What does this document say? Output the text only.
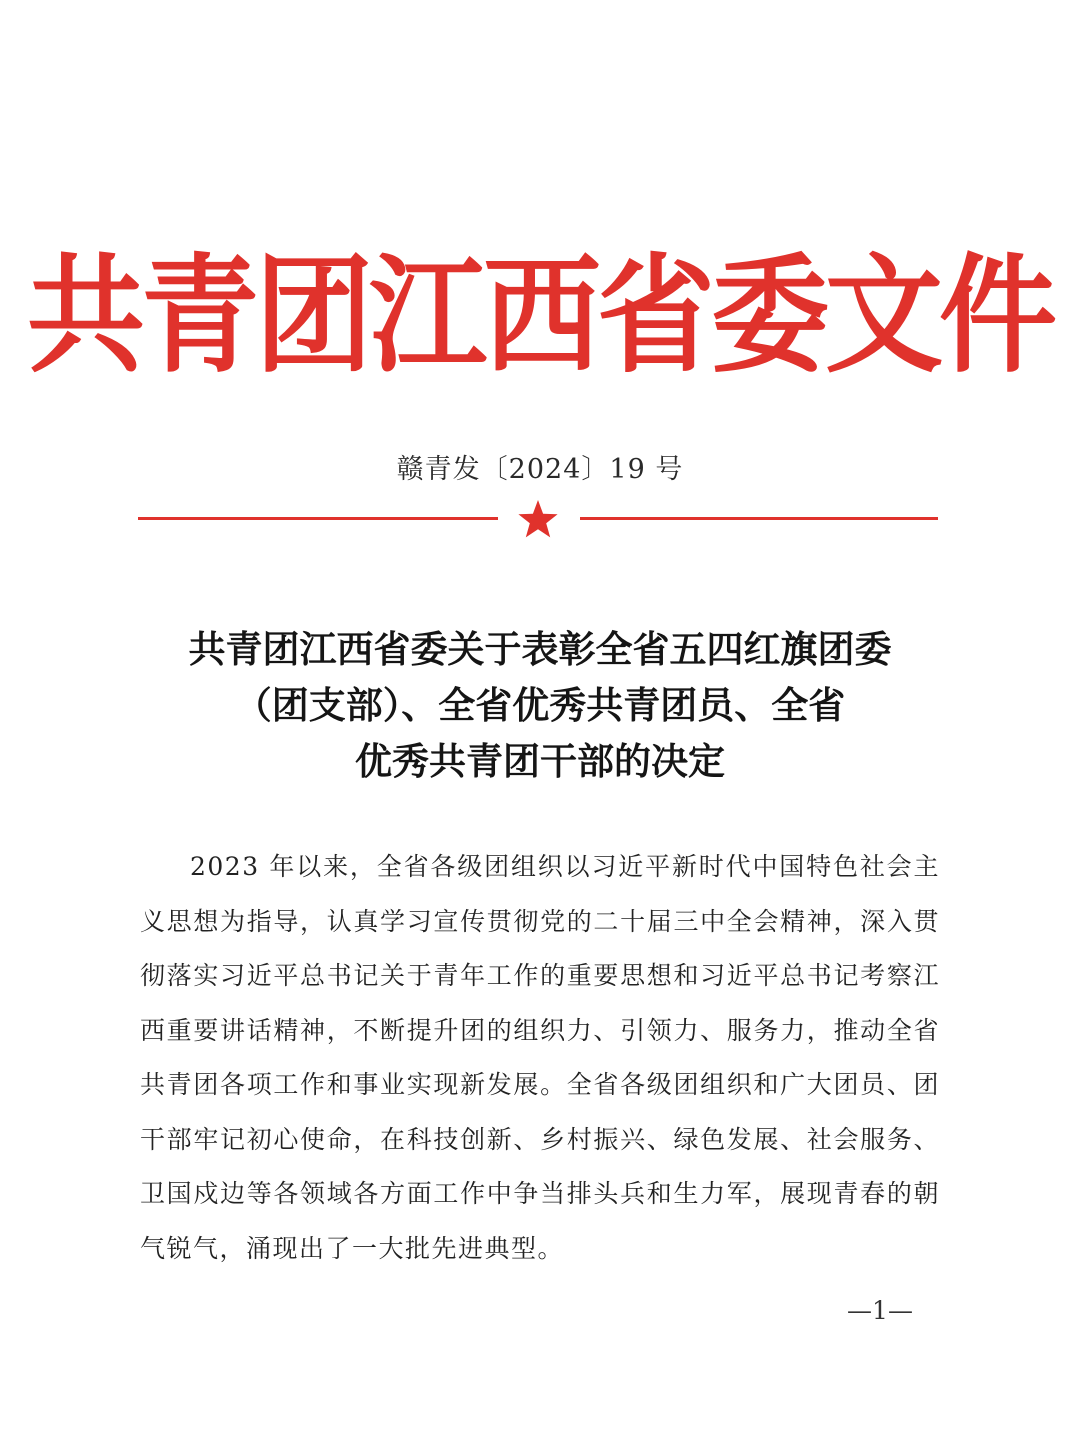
共青团江西省委文件
赣青发〔2024〕19 号
共青团江西省委关于表彰全省五四红旗团委
（团支部）、全省优秀共青团员、全省
优秀共青团干部的决定
2023 年以来，全省各级团组织以习近平新时代中国特色社会主义思想为指导，认真学习宣传贯彻党的二十届三中全会精神，深入贯彻落实习近平总书记关于青年工作的重要思想和习近平总书记考察江西重要讲话精神，不断提升团的组织力、引领力、服务力，推动全省共青团各项工作和事业实现新发展。全省各级团组织和广大团员、团干部牢记初心使命，在科技创新、乡村振兴、绿色发展、社会服务、卫国戍边等各领域各方面工作中争当排头兵和生力军，展现青春的朝气锐气，涌现出了一大批先进典型。
—1—
